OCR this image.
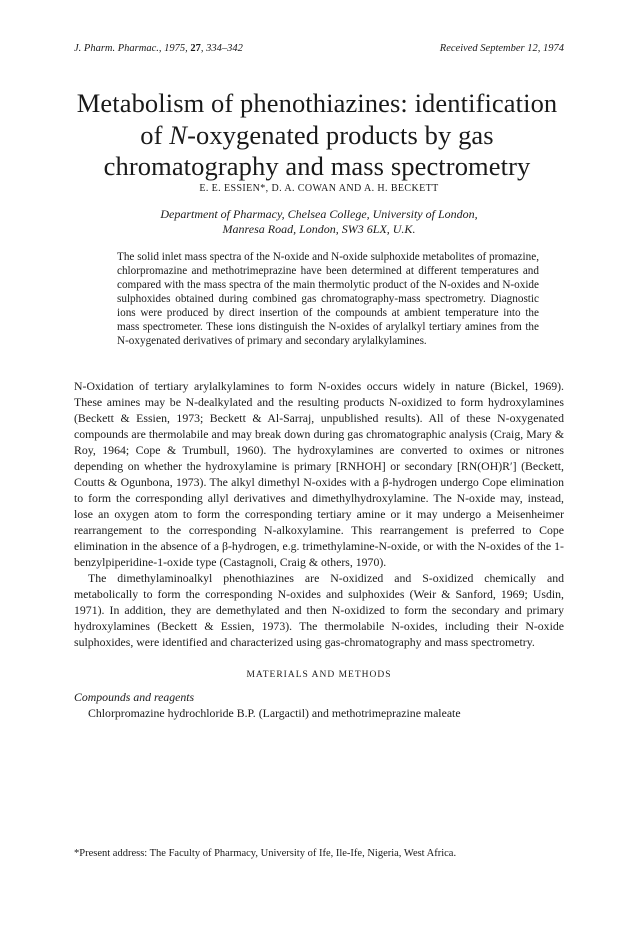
J. Pharm. Pharmac., 1975, 27, 334–342	Received September 12, 1974
Metabolism of phenothiazines: identification
of N-oxygenated products by gas
chromatography and mass spectrometry
E. E. ESSIEN*, D. A. COWAN AND A. H. BECKETT
Department of Pharmacy, Chelsea College, University of London,
Manresa Road, London, SW3 6LX, U.K.

The solid inlet mass spectra of the N-oxide and N-oxide sulphoxide metabolites of promazine, chlorpromazine and methotrimeprazine have been determined at different temperatures and compared with the mass spectra of the main thermolytic product of the N-oxides and N-oxide sulphoxides obtained during combined gas chromatography-mass spectrometry. Diagnostic ions were produced by direct insertion of the compounds at ambient temperature into the mass spectrometer. These ions distinguish the N-oxides of arylalkyl tertiary amines from the N-oxygenated derivatives of primary and secondary arylalkylamines.

N-Oxidation of tertiary arylalkylamines to form N-oxides occurs widely in nature (Bickel, 1969). These amines may be N-dealkylated and the resulting products N-oxidized to form hydroxylamines (Beckett & Essien, 1973; Beckett & Al-Sarraj, unpublished results). All of these N-oxygenated compounds are thermolabile and may break down during gas chromatographic analysis (Craig, Mary & Roy, 1964; Cope & Trumbull, 1960). The hydroxylamines are converted to oximes or nitrones depending on whether the hydroxylamine is primary [RNHOH] or secondary [RN(OH)R′] (Beckett, Coutts & Ogunbona, 1973). The alkyl dimethyl N-oxides with a β-hydrogen undergo Cope elimination to form the corresponding allyl derivatives and dimethylhydroxylamine. The N-oxide may, instead, lose an oxygen atom to form the corresponding tertiary amine or it may undergo a Meisenheimer rearrangement to the corresponding N-alkoxylamine. This rearrangement is preferred to Cope elimination in the absence of a β-hydrogen, e.g. trimethylamine-N-oxide, or with the N-oxides of the 1-benzylpiperidine-1-oxide type (Castagnoli, Craig & others, 1970).

The dimethylaminoalkyl phenothiazines are N-oxidized and S-oxidized chemically and metabolically to form the corresponding N-oxides and sulphoxides (Weir & Sanford, 1969; Usdin, 1971). In addition, they are demethylated and then N-oxidized to form the secondary and primary hydroxylamines (Beckett & Essien, 1973). The thermolabile N-oxides, including their N-oxide sulphoxides, were identified and characterized using gas-chromatography and mass spectrometry.

MATERIALS AND METHODS

Compounds and reagents

Chlorpromazine hydrochloride B.P. (Largactil) and methotrimeprazine maleate

*Present address: The Faculty of Pharmacy, University of Ife, Ile-Ife, Nigeria, West Africa.
